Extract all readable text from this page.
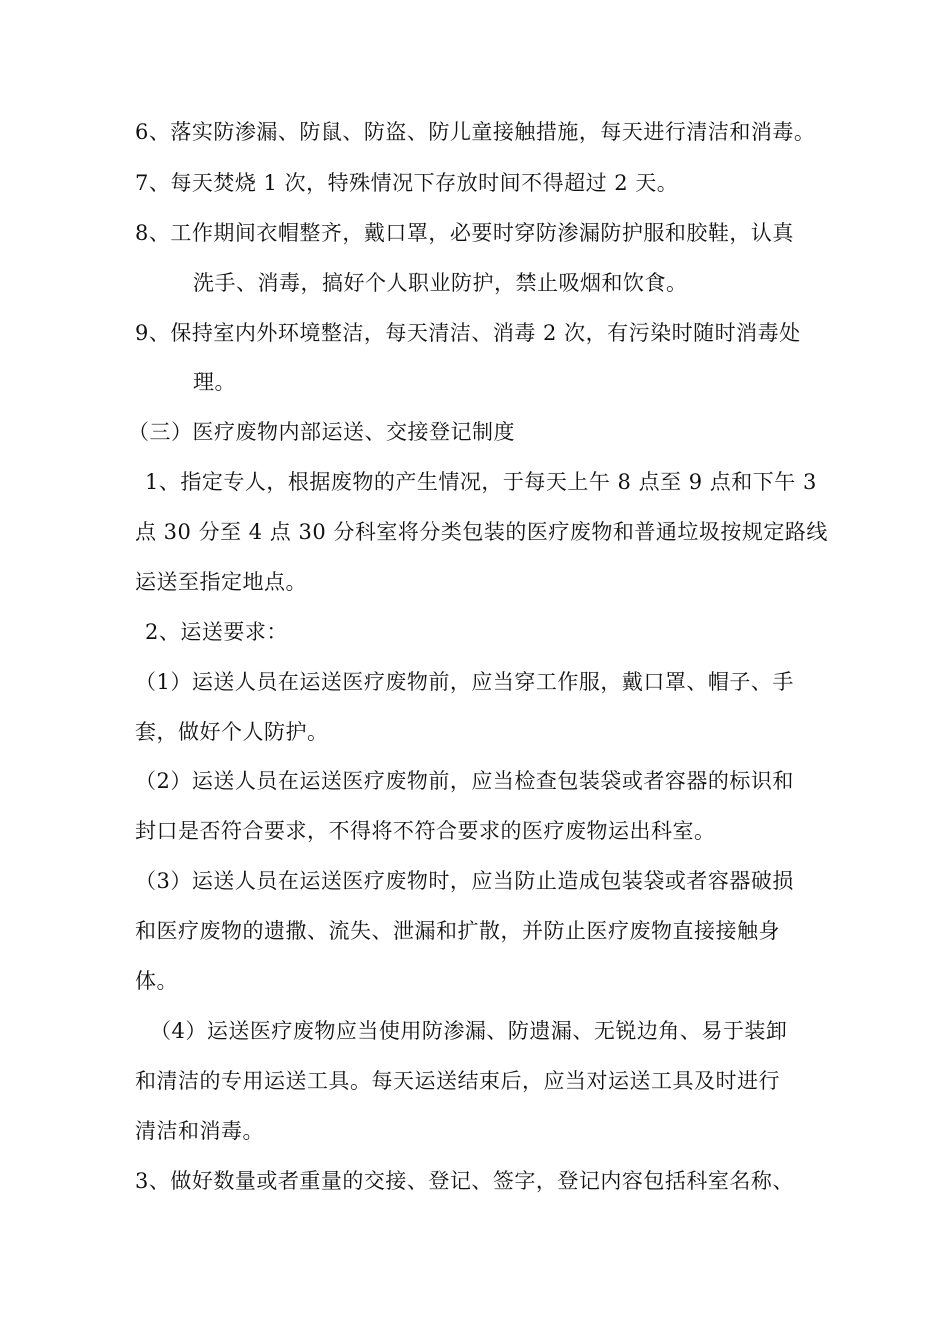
6、落实防渗漏、防鼠、防盗、防儿童接触措施，每天进行清洁和消毒。
7、每天焚烧 1 次，特殊情况下存放时间不得超过 2 天。
8、工作期间衣帽整齐，戴口罩，必要时穿防渗漏防护服和胶鞋，认真
洗手、消毒，搞好个人职业防护，禁止吸烟和饮食。
9、保持室内外环境整洁，每天清洁、消毒 2 次，有污染时随时消毒处
理。
（三）医疗废物内部运送、交接登记制度
1、指定专人，根据废物的产生情况，于每天上午 8 点至 9 点和下午 3
点 30 分至 4 点 30 分科室将分类包装的医疗废物和普通垃圾按规定路线
运送至指定地点。
2、运送要求：
（1）运送人员在运送医疗废物前，应当穿工作服，戴口罩、帽子、手
套，做好个人防护。
（2）运送人员在运送医疗废物前，应当检查包装袋或者容器的标识和
封口是否符合要求，不得将不符合要求的医疗废物运出科室。
（3）运送人员在运送医疗废物时，应当防止造成包装袋或者容器破损
和医疗废物的遗撒、流失、泄漏和扩散，并防止医疗废物直接接触身
体。
（4）运送医疗废物应当使用防渗漏、防遗漏、无锐边角、易于装卸
和清洁的专用运送工具。每天运送结束后，应当对运送工具及时进行
清洁和消毒。
3、做好数量或者重量的交接、登记、签字，登记内容包括科室名称、
